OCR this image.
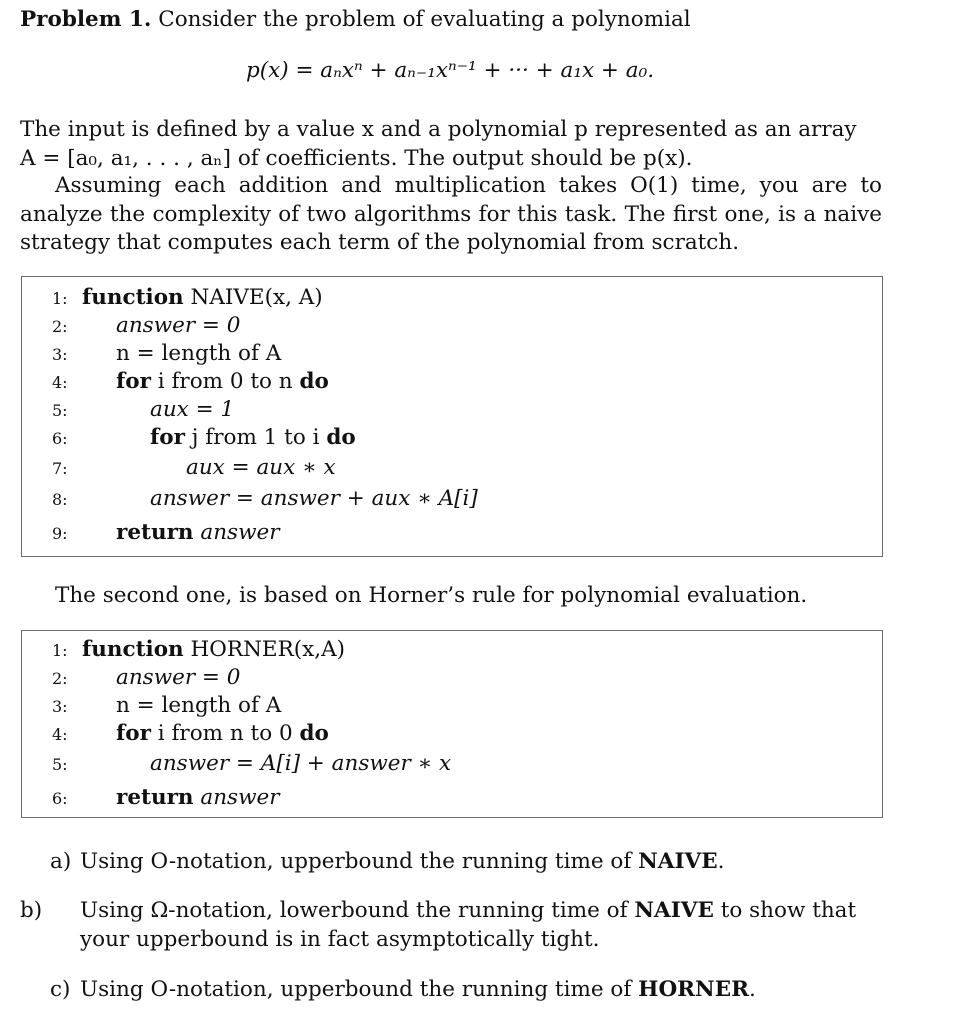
Problem 1. Consider the problem of evaluating a polynomial

p(x) = aₙxⁿ + aₙ₋₁xⁿ⁻¹ + ··· + a₁x + a₀.

The input is defined by a value x and a polynomial p represented as an array
A = [a₀, a₁, . . . , aₙ] of coefficients. The output should be p(x).

Assuming each addition and multiplication takes O(1) time, you are to analyze the complexity of two algorithms for this task. The first one, is a naive strategy that computes each term of the polynomial from scratch.

1: function NAIVE(x, A)
2: answer = 0
3: n = length of A
4: for i from 0 to n do
5:	aux = 1
6:	for j from 1 to i do
7:	aux = aux ∗ x
8:	answer = answer + aux ∗ A[i]
9: return answer

The second one, is based on Horner’s rule for polynomial evaluation.

1: function HORNER(x,A)
2: answer = 0
3: n = length of A
4: for i from n to 0 do
5:	answer = A[i] + answer ∗ x
6: return answer
a) Using O-notation, upperbound the running time of NAIVE.
b) Using Ω-notation, lowerbound the running time of NAIVE to show that your upperbound is in fact asymptotically tight.
c) Using O-notation, upperbound the running time of HORNER.
